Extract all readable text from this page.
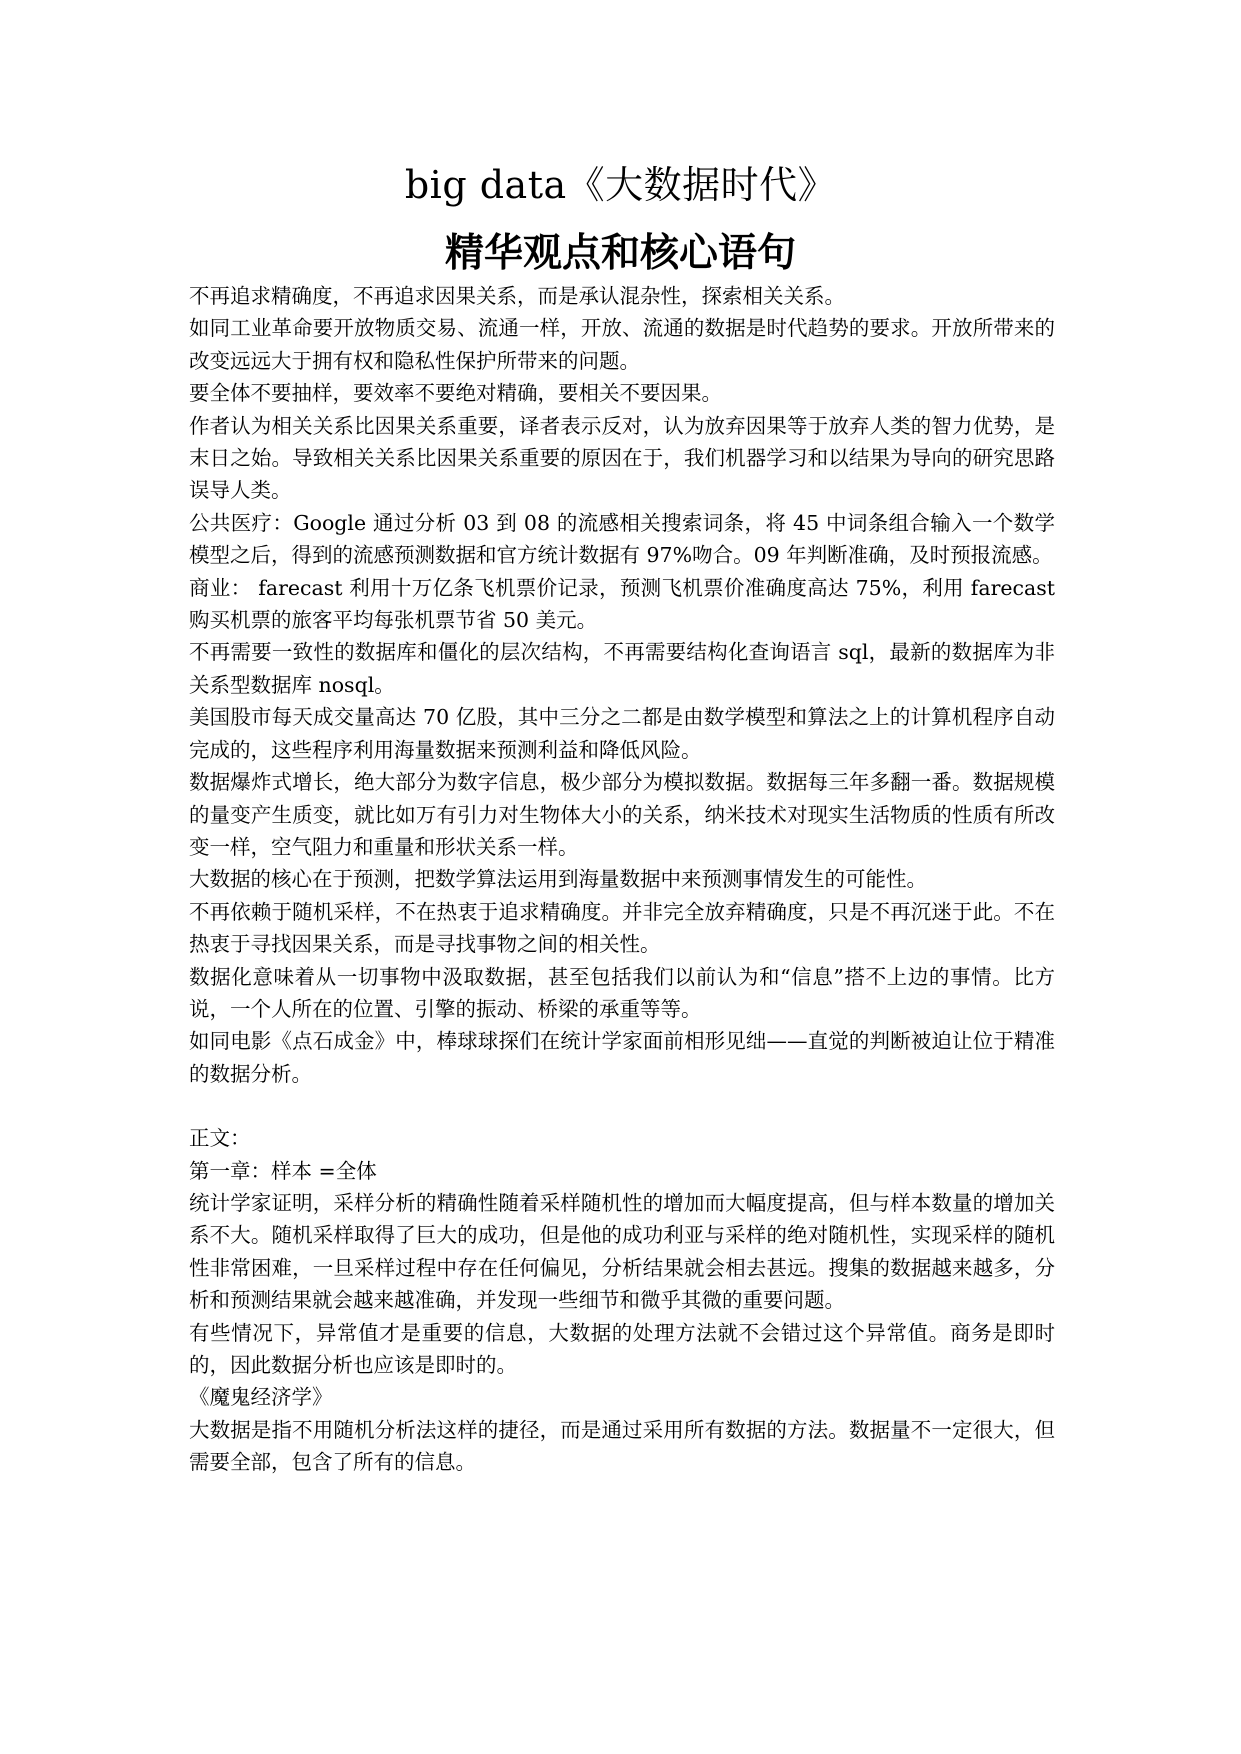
big data《大数据时代》
精华观点和核心语句

不再追求精确度，不再追求因果关系，而是承认混杂性，探索相关关系。

如同工业革命要开放物质交易、流通一样，开放、流通的数据是时代趋势的要求。开放所带来的改变远远大于拥有权和隐私性保护所带来的问题。

要全体不要抽样，要效率不要绝对精确，要相关不要因果。

作者认为相关关系比因果关系重要，译者表示反对，认为放弃因果等于放弃人类的智力优势，是末日之始。导致相关关系比因果关系重要的原因在于，我们机器学习和以结果为导向的研究思路误导人类。

公共医疗：Google 通过分析 03 到 08 的流感相关搜索词条，将 45 中词条组合输入一个数学模型之后，得到的流感预测数据和官方统计数据有 97%吻合。09 年判断准确，及时预报流感。

商业： farecast 利用十万亿条飞机票价记录，预测飞机票价准确度高达 75%，利用 farecast 购买机票的旅客平均每张机票节省 50 美元。

不再需要一致性的数据库和僵化的层次结构，不再需要结构化查询语言 sql，最新的数据库为非关系型数据库 nosql。

美国股市每天成交量高达 70 亿股，其中三分之二都是由数学模型和算法之上的计算机程序自动完成的，这些程序利用海量数据来预测利益和降低风险。

数据爆炸式增长，绝大部分为数字信息，极少部分为模拟数据。数据每三年多翻一番。数据规模的量变产生质变，就比如万有引力对生物体大小的关系，纳米技术对现实生活物质的性质有所改变一样，空气阻力和重量和形状关系一样。

大数据的核心在于预测，把数学算法运用到海量数据中来预测事情发生的可能性。

不再依赖于随机采样，不在热衷于追求精确度。并非完全放弃精确度，只是不再沉迷于此。不在热衷于寻找因果关系，而是寻找事物之间的相关性。

数据化意味着从一切事物中汲取数据，甚至包括我们以前认为和“信息”搭不上边的事情。比方说，一个人所在的位置、引擎的振动、桥梁的承重等等。

如同电影《点石成金》中，棒球球探们在统计学家面前相形见绌——直觉的判断被迫让位于精准的数据分析。

正文：

第一章：样本 =全体

统计学家证明，采样分析的精确性随着采样随机性的增加而大幅度提高，但与样本数量的增加关系不大。随机采样取得了巨大的成功，但是他的成功利亚与采样的绝对随机性，实现采样的随机性非常困难，一旦采样过程中存在任何偏见，分析结果就会相去甚远。搜集的数据越来越多，分析和预测结果就会越来越准确，并发现一些细节和微乎其微的重要问题。

有些情况下，异常值才是重要的信息，大数据的处理方法就不会错过这个异常值。商务是即时的，因此数据分析也应该是即时的。

《魔鬼经济学》

大数据是指不用随机分析法这样的捷径，而是通过采用所有数据的方法。数据量不一定很大，但需要全部，包含了所有的信息。
